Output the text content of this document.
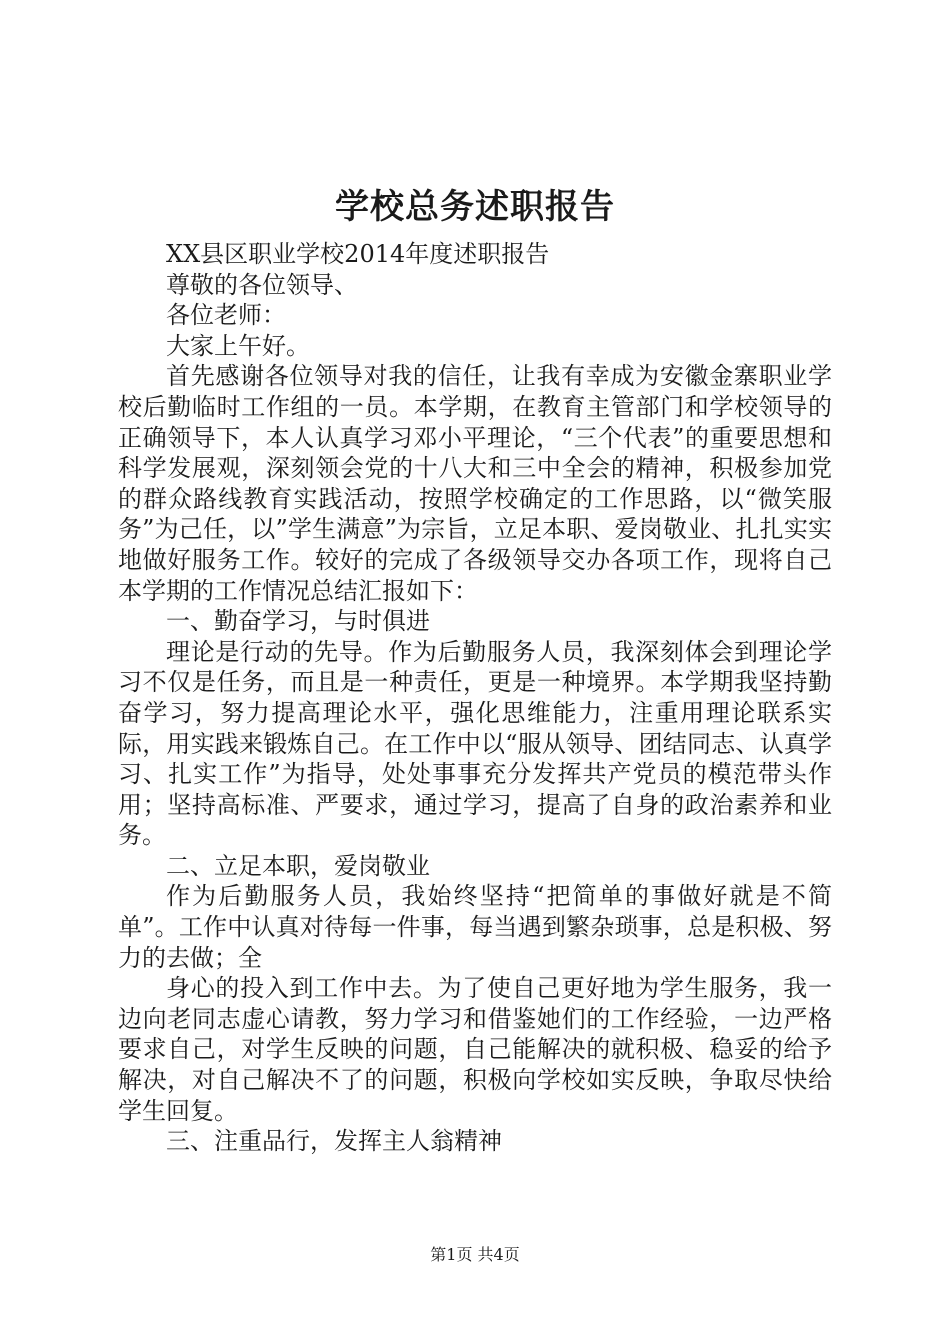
学校总务述职报告

XX县区职业学校2014年度述职报告

尊敬的各位领导、

各位老师：

大家上午好。

首先感谢各位领导对我的信任，让我有幸成为安徽金寨职业学校后勤临时工作组的一员。本学期，在教育主管部门和学校领导的正确领导下，本人认真学习邓小平理论，“三个代表”的重要思想和科学发展观，深刻领会党的十八大和三中全会的精神，积极参加党的群众路线教育实践活动，按照学校确定的工作思路，以“微笑服务”为己任，以”学生满意”为宗旨，立足本职、爱岗敬业、扎扎实实地做好服务工作。较好的完成了各级领导交办各项工作，现将自己本学期的工作情况总结汇报如下：

一、勤奋学习，与时俱进

理论是行动的先导。作为后勤服务人员，我深刻体会到理论学习不仅是任务，而且是一种责任，更是一种境界。本学期我坚持勤奋学习，努力提高理论水平，强化思维能力，注重用理论联系实际，用实践来锻炼自己。在工作中以“服从领导、团结同志、认真学习、扎实工作”为指导，处处事事充分发挥共产党员的模范带头作用；坚持高标准、严要求，通过学习，提高了自身的政治素养和业务。

二、立足本职，爱岗敬业

作为后勤服务人员，我始终坚持“把简单的事做好就是不简单”。工作中认真对待每一件事，每当遇到繁杂琐事，总是积极、努力的去做；全

身心的投入到工作中去。为了使自己更好地为学生服务，我一边向老同志虚心请教，努力学习和借鉴她们的工作经验，一边严格要求自己，对学生反映的问题，自己能解决的就积极、稳妥的给予解决，对自己解决不了的问题，积极向学校如实反映，争取尽快给学生回复。

三、注重品行，发挥主人翁精神

第1页 共4页
